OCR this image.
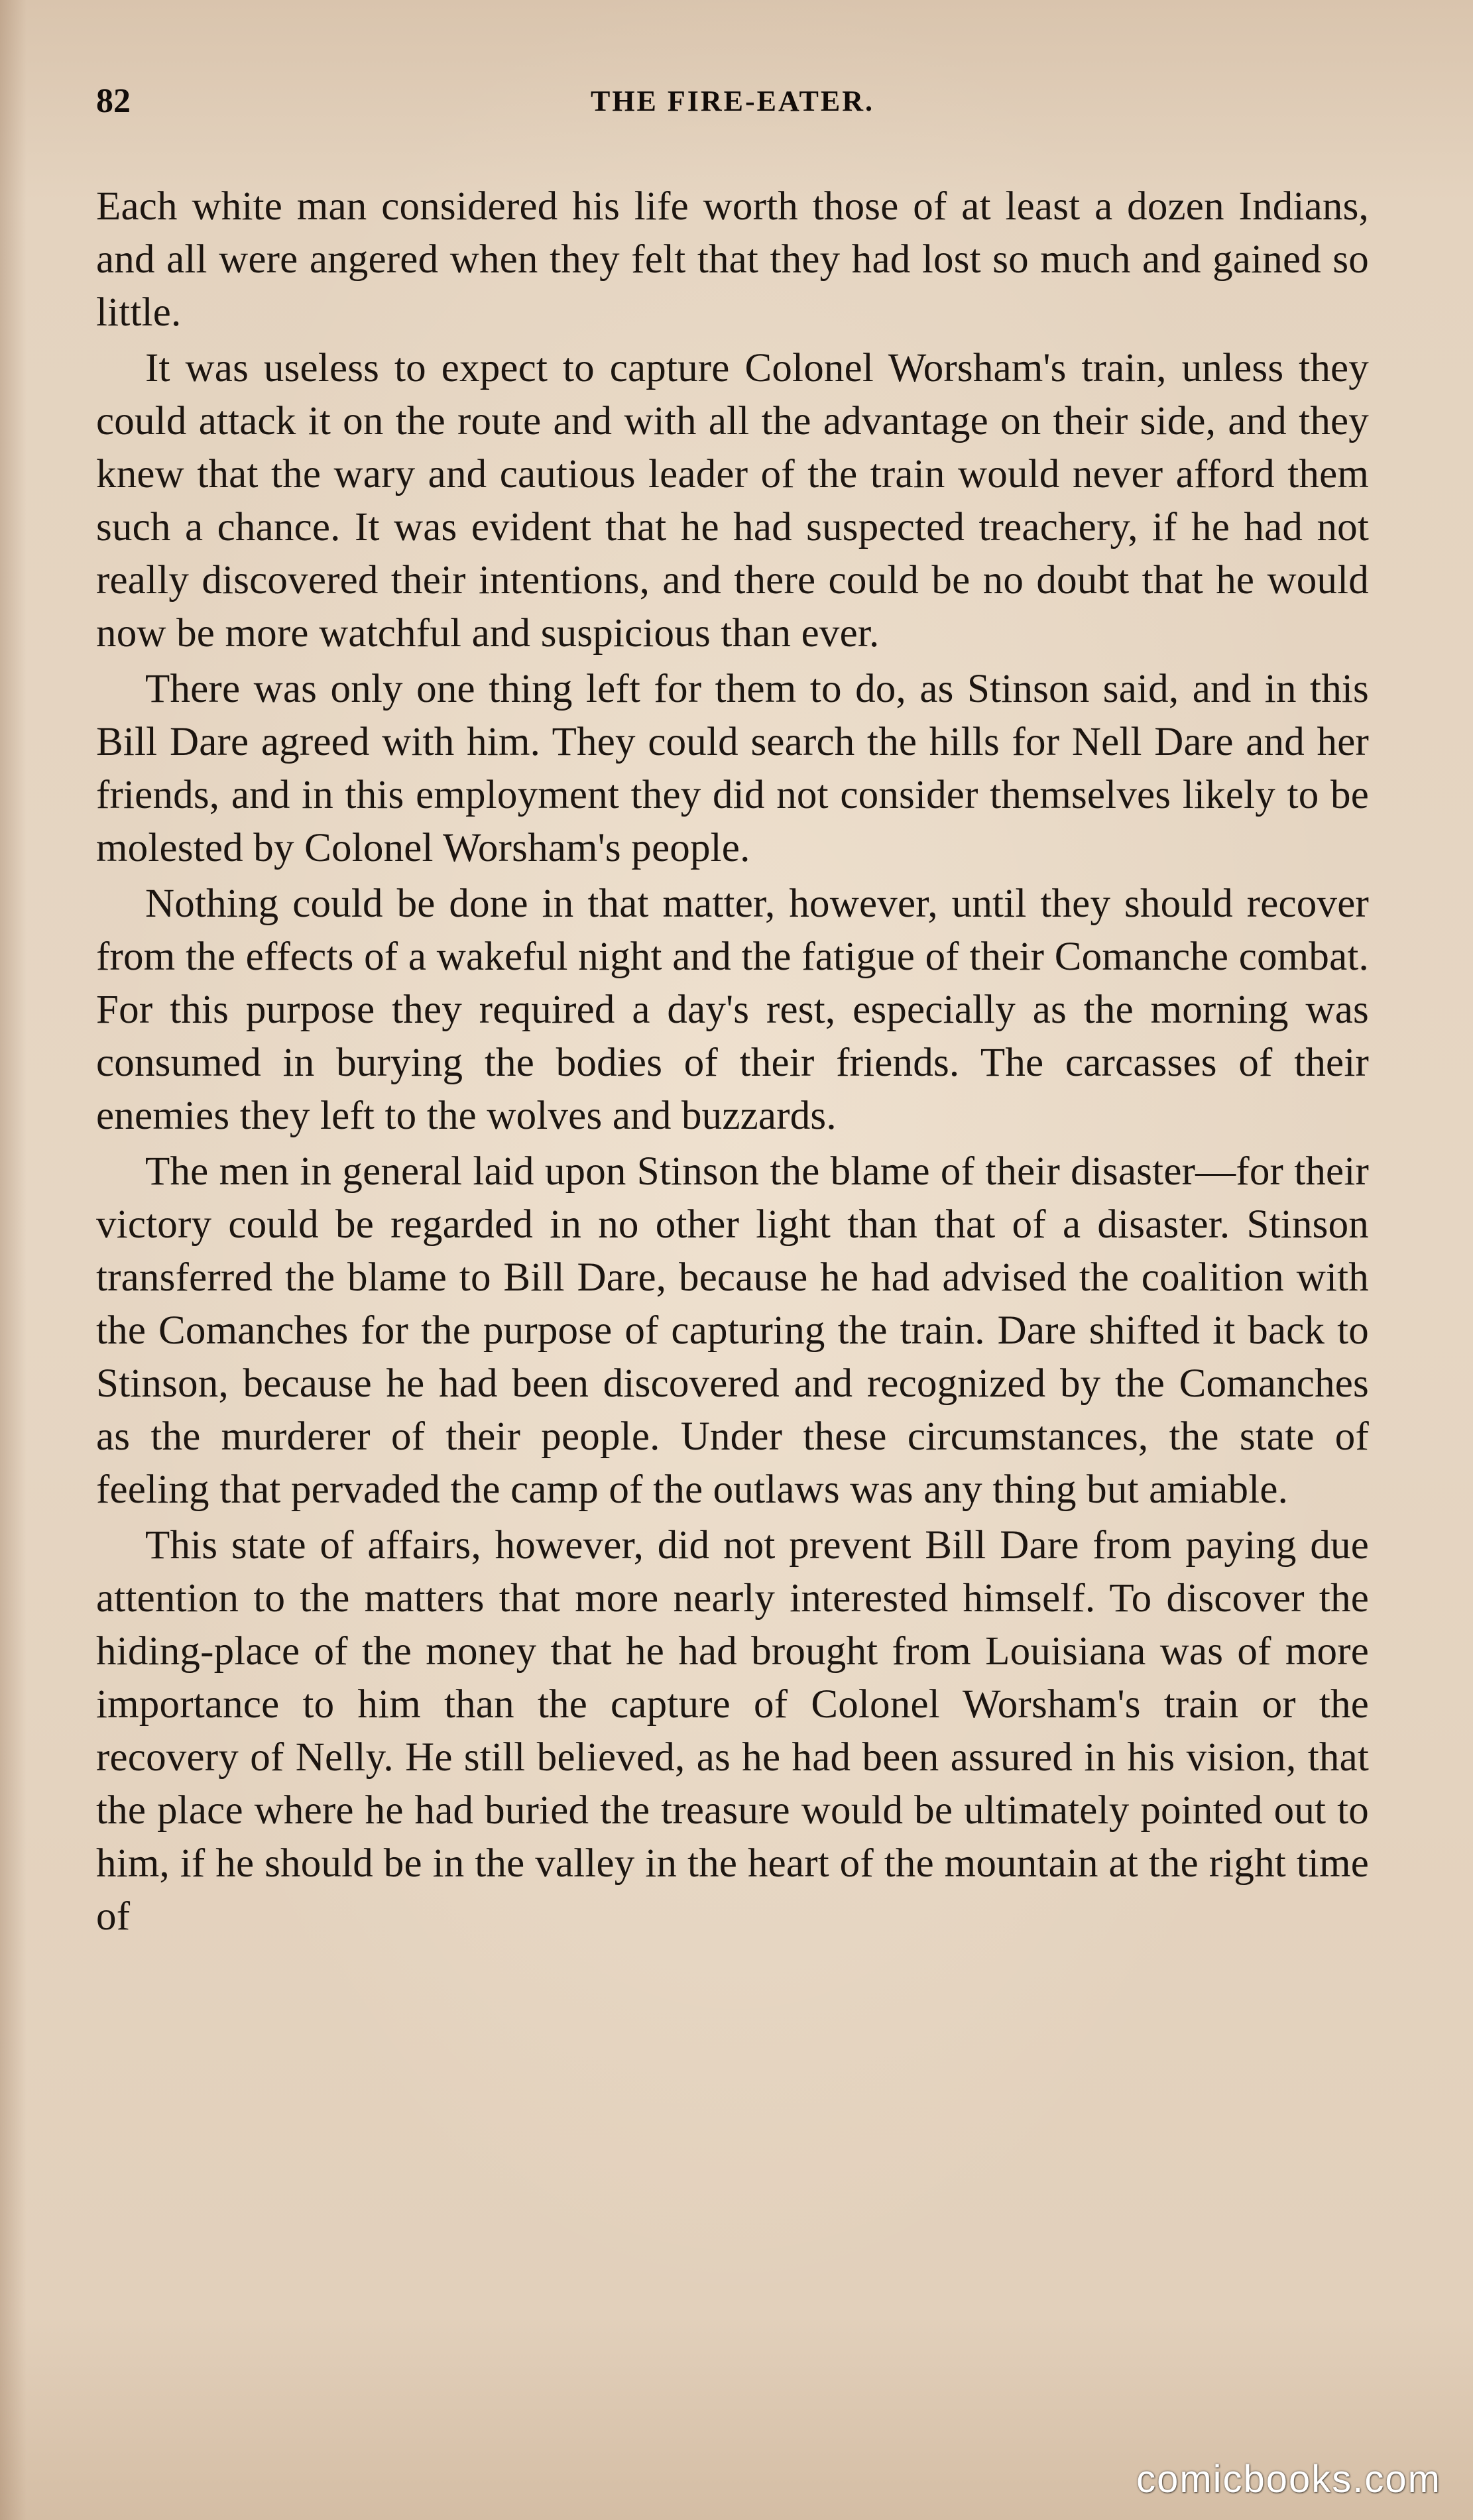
82	THE FIRE-EATER.

Each white man considered his life worth those of at least a dozen Indians, and all were angered when they felt that they had lost so much and gained so little.

It was useless to expect to capture Colonel Worsham's train, unless they could attack it on the route and with all the advantage on their side, and they knew that the wary and cautious leader of the train would never afford them such a chance. It was evident that he had suspected treachery, if he had not really discovered their intentions, and there could be no doubt that he would now be more watchful and suspicious than ever.

There was only one thing left for them to do, as Stinson said, and in this Bill Dare agreed with him. They could search the hills for Nell Dare and her friends, and in this employment they did not consider themselves likely to be molested by Colonel Worsham's people.

Nothing could be done in that matter, however, until they should recover from the effects of a wakeful night and the fatigue of their Comanche combat. For this purpose they required a day's rest, especially as the morning was consumed in burying the bodies of their friends. The carcasses of their enemies they left to the wolves and buzzards.

The men in general laid upon Stinson the blame of their disaster—for their victory could be regarded in no other light than that of a disaster. Stinson transferred the blame to Bill Dare, because he had advised the coalition with the Comanches for the purpose of capturing the train. Dare shifted it back to Stinson, because he had been discovered and recognized by the Comanches as the murderer of their people. Under these circumstances, the state of feeling that pervaded the camp of the outlaws was any thing but amiable.

This state of affairs, however, did not prevent Bill Dare from paying due attention to the matters that more nearly interested himself. To discover the hiding-place of the money that he had brought from Louisiana was of more importance to him than the capture of Colonel Worsham's train or the recovery of Nelly. He still believed, as he had been assured in his vision, that the place where he had buried the treasure would be ultimately pointed out to him, if he should be in the valley in the heart of the mountain at the right time of

comicbooks.com
